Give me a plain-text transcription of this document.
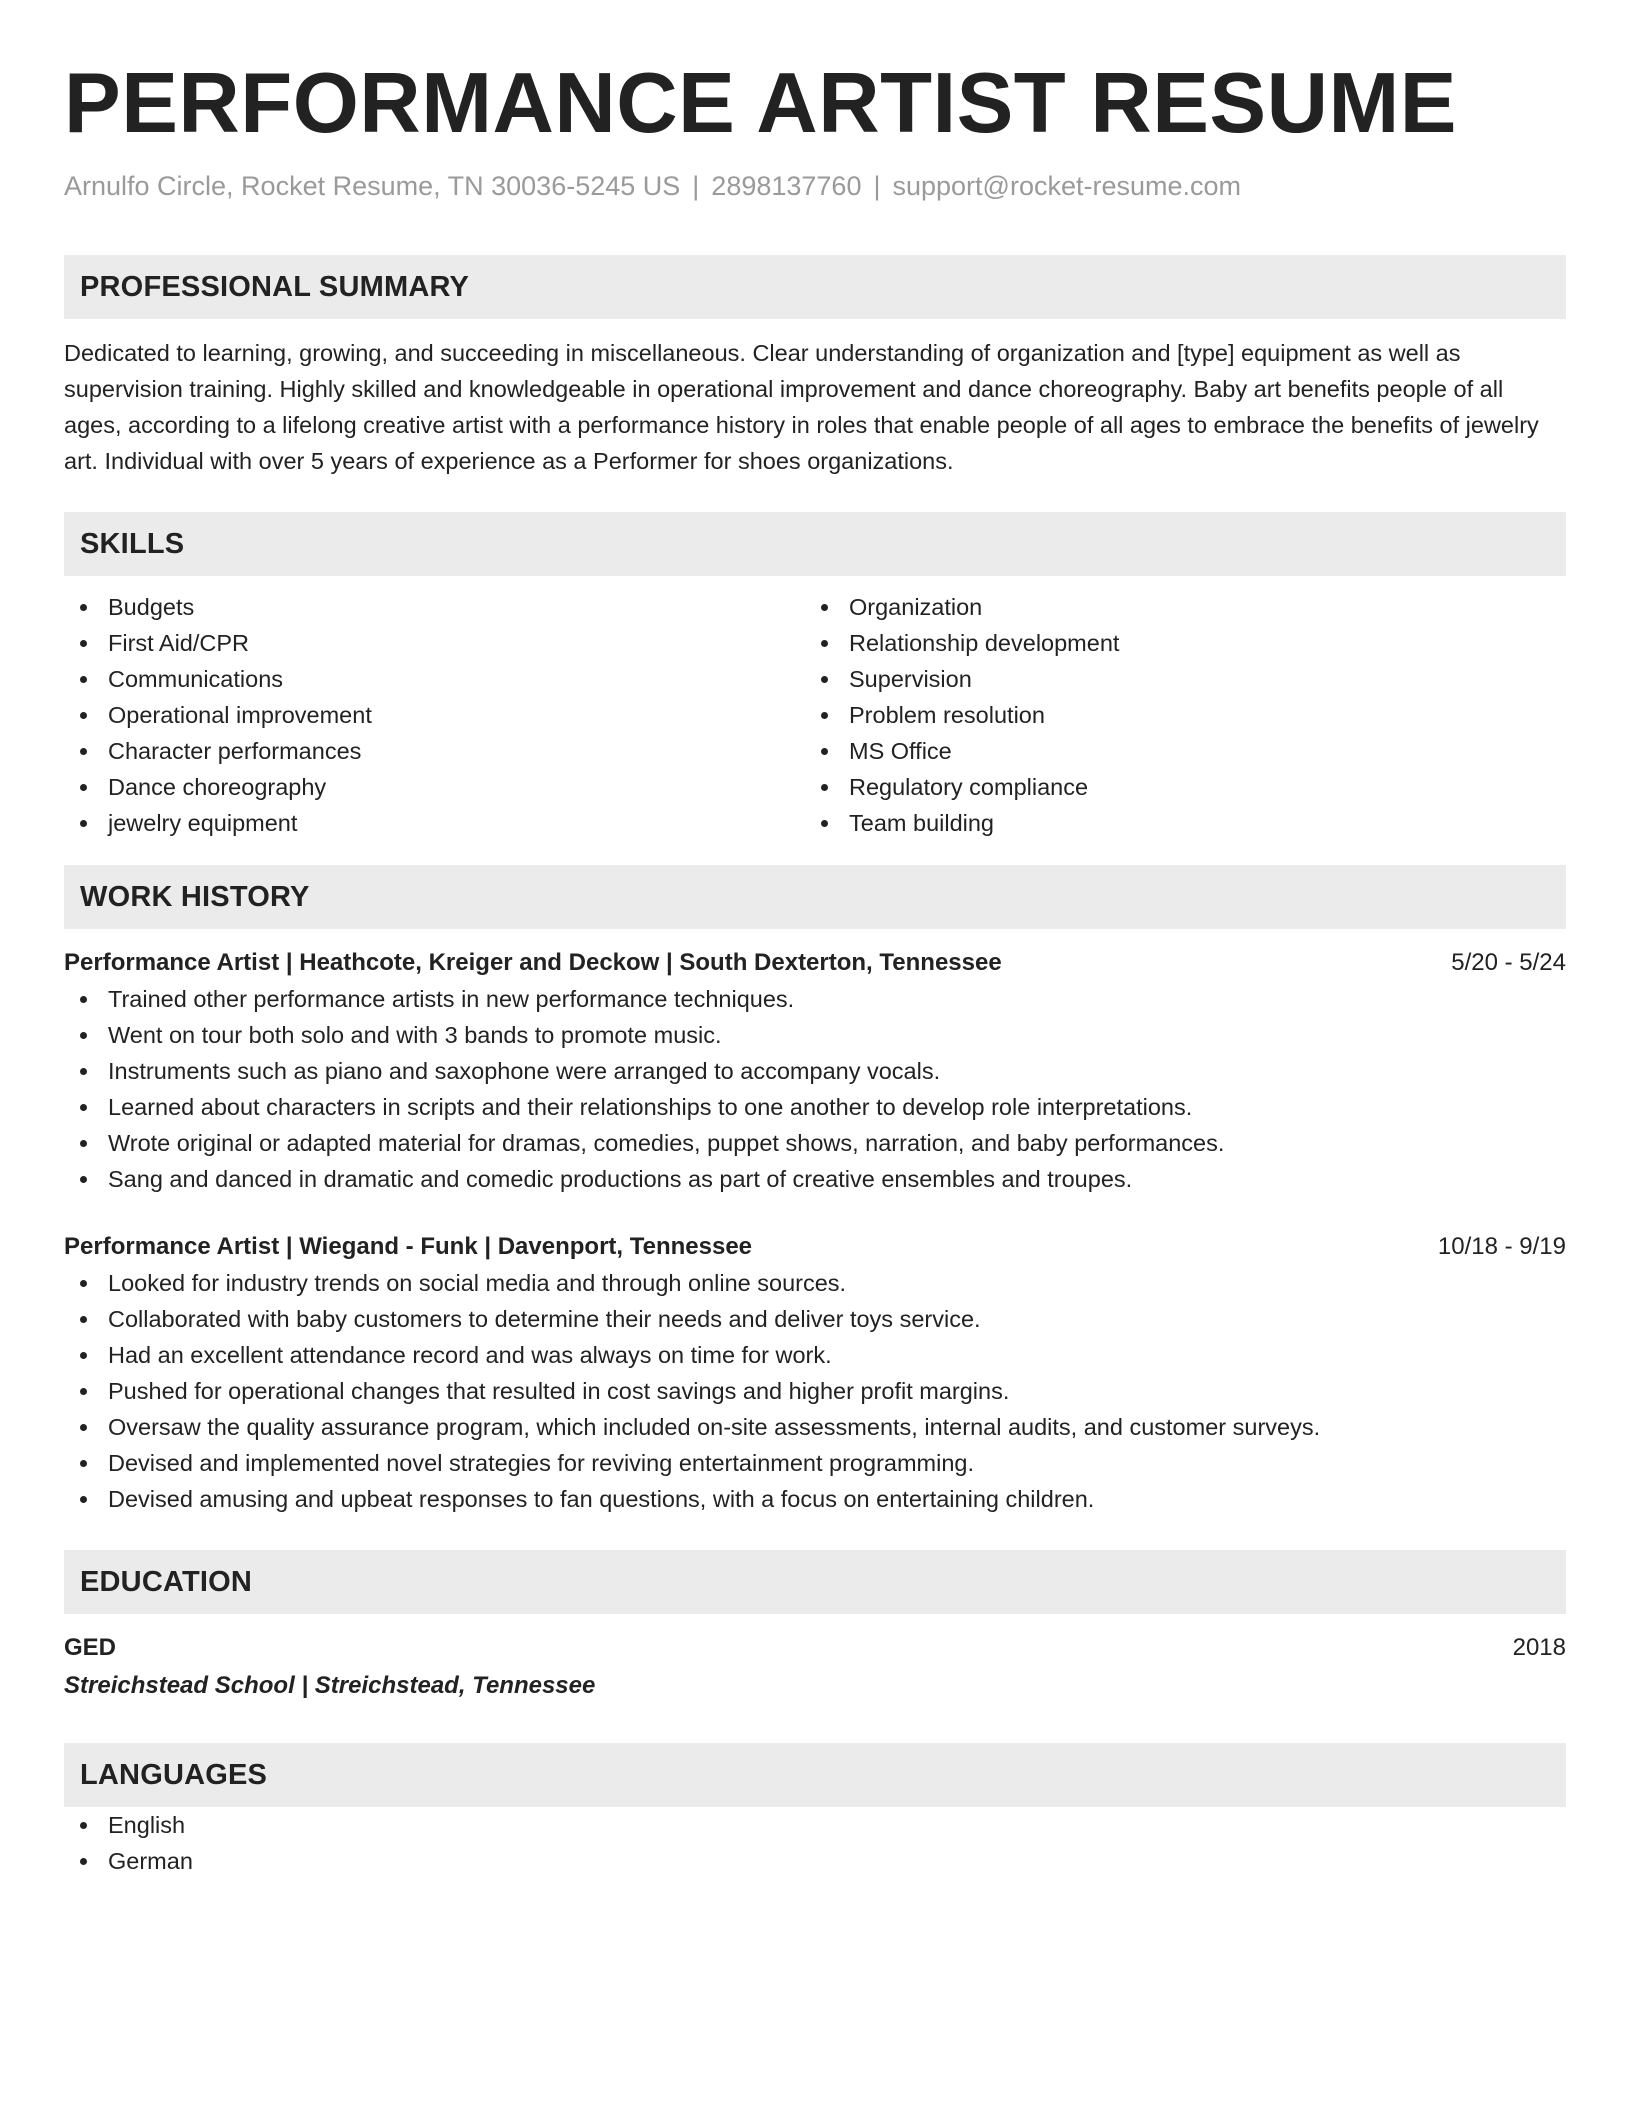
PERFORMANCE ARTIST RESUME
Arnulfo Circle, Rocket Resume, TN 30036-5245 US | 2898137760 | support@rocket-resume.com
PROFESSIONAL SUMMARY

Dedicated to learning, growing, and succeeding in miscellaneous. Clear understanding of organization and [type] equipment as well as supervision training. Highly skilled and knowledgeable in operational improvement and dance choreography. Baby art benefits people of all ages, according to a lifelong creative artist with a performance history in roles that enable people of all ages to embrace the benefits of jewelry art. Individual with over 5 years of experience as a Performer for shoes organizations.

SKILLS
Budgets
First Aid/CPR
Communications
Operational improvement
Character performances
Dance choreography
jewelry equipment
Organization
Relationship development
Supervision
Problem resolution
MS Office
Regulatory compliance
Team building
WORK HISTORY
Performance Artist | Heathcote, Kreiger and Deckow | South Dexterton, Tennessee	5/20 - 5/24
Trained other performance artists in new performance techniques.
Went on tour both solo and with 3 bands to promote music.
Instruments such as piano and saxophone were arranged to accompany vocals.
Learned about characters in scripts and their relationships to one another to develop role interpretations.
Wrote original or adapted material for dramas, comedies, puppet shows, narration, and baby performances.
Sang and danced in dramatic and comedic productions as part of creative ensembles and troupes.
Performance Artist | Wiegand - Funk | Davenport, Tennessee	10/18 - 9/19
Looked for industry trends on social media and through online sources.
Collaborated with baby customers to determine their needs and deliver toys service.
Had an excellent attendance record and was always on time for work.
Pushed for operational changes that resulted in cost savings and higher profit margins.
Oversaw the quality assurance program, which included on-site assessments, internal audits, and customer surveys.
Devised and implemented novel strategies for reviving entertainment programming.
Devised amusing and upbeat responses to fan questions, with a focus on entertaining children.
EDUCATION
GED	2018
Streichstead School | Streichstead, Tennessee
LANGUAGES
English
German
